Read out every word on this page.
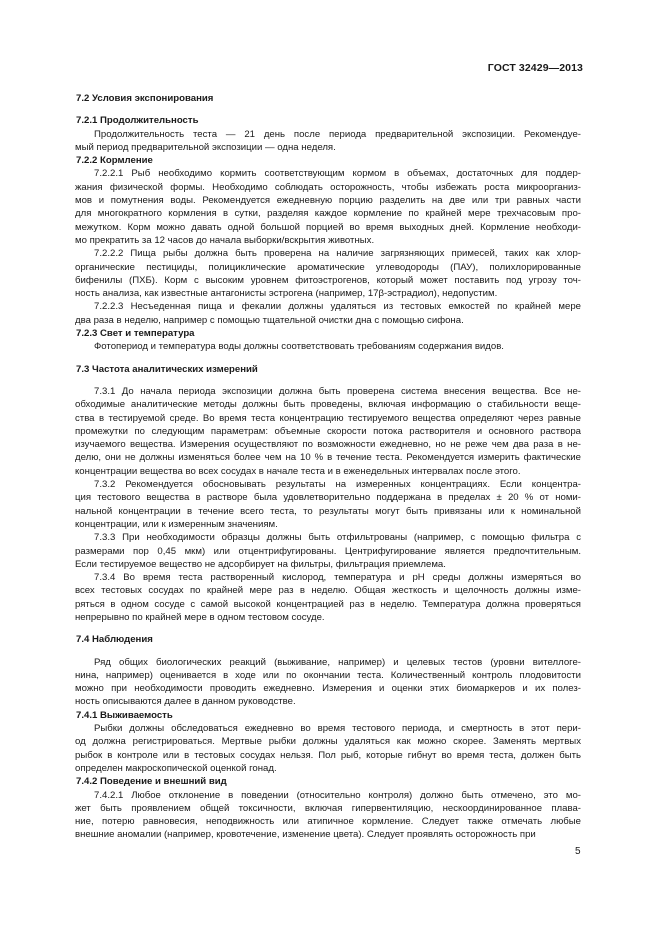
ГОСТ 32429—2013
7.2 Условия экспонирования
7.2.1 Продолжительность
Продолжительность теста — 21 день после периода предварительной экспозиции. Рекомендуе-
мый период предварительной экспозиции — одна неделя.
7.2.2 Кормление
7.2.2.1 Рыб необходимо кормить соответствующим кормом в объемах, достаточных для поддер-
жания физической формы. Необходимо соблюдать осторожность, чтобы избежать роста микроорганиз-
мов и помутнения воды. Рекомендуется ежедневную порцию разделить на две или три равных части
для многократного кормления в сутки, разделяя каждое кормление по крайней мере трехчасовым про-
межутком. Корм можно давать одной большой порцией во время выходных дней. Кормление необходи-
мо прекратить за 12 часов до начала выборки/вскрытия животных.
7.2.2.2 Пища рыбы должна быть проверена на наличие загрязняющих примесей, таких как хлор-
органические пестициды, полициклические ароматические углеводороды (ПАУ), полихлорированные
бифенилы (ПХБ). Корм с высоким уровнем фитоэстрогенов, который может поставить под угрозу точ-
ность анализа, как известные антагонисты эстрогена (например, 17β-эстрадиол), недопустим.
7.2.2.3 Несъеденная пища и фекалии должны удаляться из тестовых емкостей по крайней мере
два раза в неделю, например с помощью тщательной очистки дна с помощью сифона.
7.2.3 Свет и температура
Фотопериод и температура воды должны соответствовать требованиям содержания видов.
7.3 Частота аналитических измерений
7.3.1 До начала периода экспозиции должна быть проверена система внесения вещества. Все не-
обходимые аналитические методы должны быть проведены, включая информацию о стабильности веще-
ства в тестируемой среде. Во время теста концентрацию тестируемого вещества определяют через равные
промежутки по следующим параметрам: объемные скорости потока растворителя и основного раствора
изучаемого вещества. Измерения осуществляют по возможности ежедневно, но не реже чем два раза в не-
делю, они не должны изменяться более чем на 10 % в течение теста. Рекомендуется измерить фактические
концентрации вещества во всех сосудах в начале теста и в еженедельных интервалах после этого.
7.3.2 Рекомендуется обосновывать результаты на измеренных концентрациях. Если концентра-
ция тестового вещества в растворе была удовлетворительно поддержана в пределах ± 20 % от номи-
нальной концентрации в течение всего теста, то результаты могут быть привязаны или к номинальной
концентрации, или к измеренным значениям.
7.3.3 При необходимости образцы должны быть отфильтрованы (например, с помощью фильтра с
размерами пор 0,45 мкм) или отцентрифугированы. Центрифугирование является предпочтительным.
Если тестируемое вещество не адсорбирует на фильтры, фильтрация приемлема.
7.3.4 Во время теста растворенный кислород, температура и pH среды должны измеряться во
всех тестовых сосудах по крайней мере раз в неделю. Общая жесткость и щелочность должны изме-
ряться в одном сосуде с самой высокой концентрацией раз в неделю. Температура должна проверяться
непрерывно по крайней мере в одном тестовом сосуде.
7.4 Наблюдения
Ряд общих биологических реакций (выживание, например) и целевых тестов (уровни вителлоге-
нина, например) оценивается в ходе или по окончании теста. Количественный контроль плодовитости
можно при необходимости проводить ежедневно. Измерения и оценки этих биомаркеров и их полез-
ность описываются далее в данном руководстве.
7.4.1 Выживаемость
Рыбки должны обследоваться ежедневно во время тестового периода, и смертность в этот пери-
од должна регистрироваться. Мертвые рыбки должны удаляться как можно скорее. Заменять мертвых
рыбок в контроле или в тестовых сосудах нельзя. Пол рыб, которые гибнут во время теста, должен быть
определен макроскопической оценкой гонад.
7.4.2 Поведение и внешний вид
7.4.2.1 Любое отклонение в поведении (относительно контроля) должно быть отмечено, это мо-
жет быть проявлением общей токсичности, включая гипервентиляцию, нескоординированное плава-
ние, потерю равновесия, неподвижность или атипичное кормление. Следует также отмечать любые
внешние аномалии (например, кровотечение, изменение цвета). Следует проявлять осторожность при
5
